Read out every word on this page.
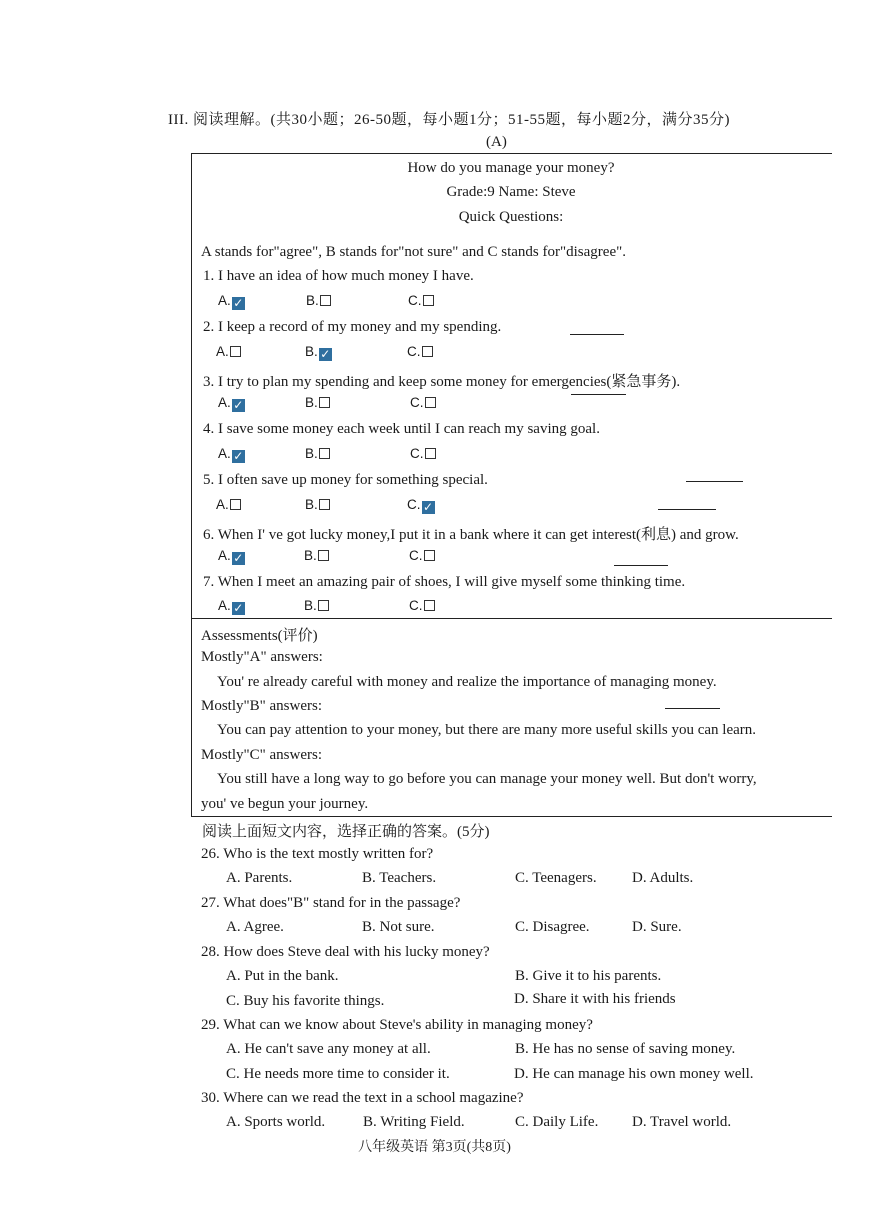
III. 阅读理解。(共30小题；26-50题，每小题1分；51-55题，每小题2分，满分35分)
(A)
How do you manage your money?
Grade:9 Name: Steve
Quick Questions:
A stands for"agree", B stands for"not sure" and C stands for"disagree".
1. I have an idea of how much money I have.
A. ✓	B.	C.
2. I keep a record of my money and my spending.
A.	B. ✓	C.
3. I try to plan my spending and keep some money for emergencies(紧急事务).
A. ✓	B.	C.
4. I save some money each week until I can reach my saving goal.
A. ✓	B.	C.
5. I often save up money for something special.
A.	B.	C. ✓
6. When I' ve got lucky money,I put it in a bank where it can get interest(利息) and grow.
A. ✓	B.	C.
7. When I meet an amazing pair of shoes, I will give myself some thinking time.
A. ✓	B.	C.
Assessments(评价)
Mostly"A" answers:
You' re already careful with money and realize the importance of managing money.
Mostly"B" answers:
You can pay attention to your money, but there are many more useful skills you can learn.
Mostly"C" answers:
You still have a long way to go before you can manage your money well. But don't worry,
you' ve begun your journey.
阅读上面短文内容，选择正确的答案。(5分)
26. Who is the text mostly written for?
A. Parents.	B. Teachers.	C. Teenagers. D. Adults.
27. What does"B" stand for in the passage?
A. Agree.	B. Not sure.	C. Disagree.	D. Sure.
28. How does Steve deal with his lucky money?
A. Put in the bank.	B. Give it to his parents.
C. Buy his favorite things.	D. Share it with his friends
29. What can we know about Steve's ability in managing money?
A. He can't save any money at all.	B. He has no sense of saving money.
C. He needs more time to consider it.	D. He can manage his own money well.
30. Where can we read the text in a school magazine?
A. Sports world.	B. Writing Field.	C. Daily Life. D. Travel world.
八年级英语 第3页(共8页)
